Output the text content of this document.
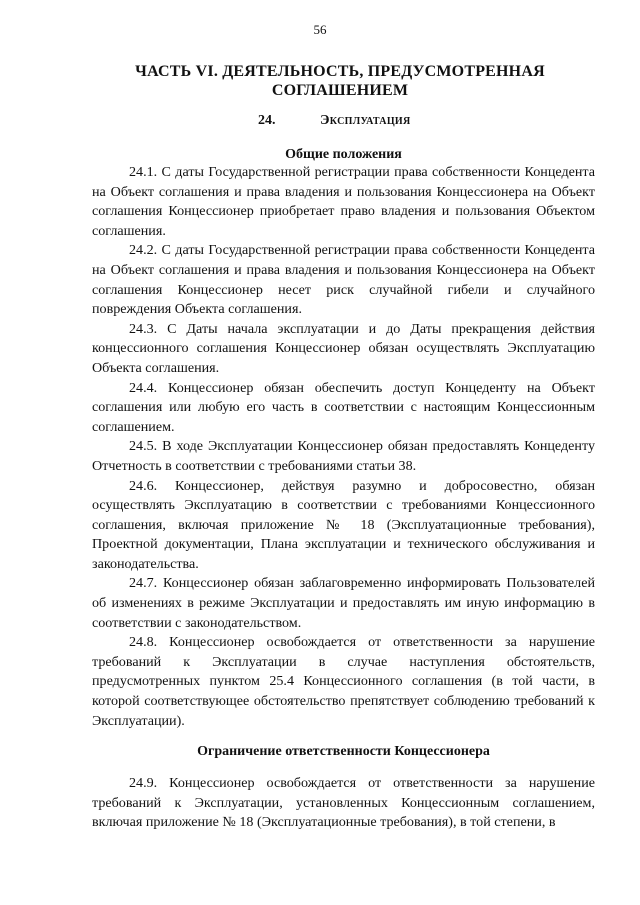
56
ЧАСТЬ VI. ДЕЯТЕЛЬНОСТЬ, ПРЕДУСМОТРЕННАЯ СОГЛАШЕНИЕМ
24.	Эксплуатация
Общие положения

24.1. С даты Государственной регистрации права собственности Концедента на Объект соглашения и права владения и пользования Концессионера на Объект соглашения Концессионер приобретает право владения и пользования Объектом соглашения.

24.2. С даты Государственной регистрации права собственности Концедента на Объект соглашения и права владения и пользования Концессионера на Объект соглашения Концессионер несет риск случайной гибели и случайного повреждения Объекта соглашения.

24.3. С Даты начала эксплуатации и до Даты прекращения действия концессионного соглашения Концессионер обязан осуществлять Эксплуатацию Объекта соглашения.

24.4. Концессионер обязан обеспечить доступ Концеденту на Объект соглашения или любую его часть в соответствии с настоящим Концессионным соглашением.

24.5. В ходе Эксплуатации Концессионер обязан предоставлять Концеденту Отчетность в соответствии с требованиями статьи 38.

24.6. Концессионер, действуя разумно и добросовестно, обязан осуществлять Эксплуатацию в соответствии с требованиями Концессионного соглашения, включая приложение № 18 (Эксплуатационные требования), Проектной документации, Плана эксплуатации и технического обслуживания и законодательства.

24.7. Концессионер обязан заблаговременно информировать Пользователей об изменениях в режиме Эксплуатации и предоставлять им иную информацию в соответствии с законодательством.

24.8. Концессионер освобождается от ответственности за нарушение требований к Эксплуатации в случае наступления обстоятельств, предусмотренных пунктом 25.4 Концессионного соглашения (в той части, в которой соответствующее обстоятельство препятствует соблюдению требований к Эксплуатации).

Ограничение ответственности Концессионера

24.9. Концессионер освобождается от ответственности за нарушение требований к Эксплуатации, установленных Концессионным соглашением, включая приложение № 18 (Эксплуатационные требования), в той степени, в
